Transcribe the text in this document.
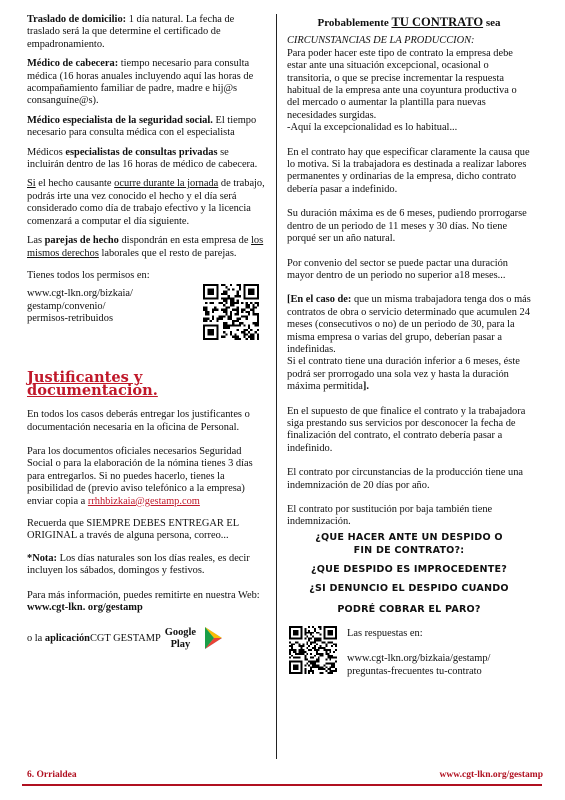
Traslado de domicilio: 1 día natural. La fecha de traslado será la que determine el certificado de empadronamiento.

Médico de cabecera: tiempo necesario para consulta médica (16 horas anuales incluyendo aquí las horas de acompañamiento familiar de padre, madre e hij@s consanguíne@s).

Médico especialista de la seguridad social. El tiempo necesario para consulta médica con el especialista

Médicos especialistas de consultas privadas se incluirán dentro de las 16 horas de médico de cabecera.

Si el hecho causante ocurre durante la jornada de trabajo, podrás irte una vez conocido el hecho y el día será considerado como día de trabajo efectivo y la licencia comenzará a computar el día siguiente.

Las parejas de hecho dispondrán en esta empresa de los mismos derechos laborales que el resto de parejas.

Tienes todos los permisos en:

www.cgt-lkn.org/bizkaia/
gestamp/convenio/
permisos-retribuidos
Justificantes y documentación.

En todos los casos deberás entregar los justificantes o documentación necesaria en la oficina de Personal.

Para los documentos oficiales necesarios Seguridad Social o para la elaboración de la nómina tienes 3 días para entregarlos. Si no puedes hacerlo, tienes la posibilidad de (previo aviso telefónico a la empresa) enviar copia a rrhhbizkaia@gestamp.com

Recuerda que SIEMPRE DEBES ENTREGAR EL ORIGINAL a través de alguna persona, correo...

*Nota: Los días naturales son los días reales, es decir incluyen los sábados, domingos y festivos.

Para más información, puedes remitirte en nuestra Web: www.cgt-lkn. org/gestamp

o la
aplicación CGT GESTAMP
Google
Play
Probablemente TU CONTRATO sea
CIRCUNSTANCIAS DE LA PRODUCCION:

Para poder hacer este tipo de contrato la empresa debe estar ante una situación excepcional, ocasional o transitoria, o que se precise incrementar la respuesta habitual de la empresa ante una coyuntura productiva o del mercado o aumentar la plantilla para nuevas necesidades surgidas.

-Aquí la excepcionalidad es lo habitual...

En el contrato hay que especificar claramente la causa que lo motiva. Si la trabajadora es destinada a realizar labores permanentes y ordinarias de la empresa, dicho contrato debería pasar a indefinido.

Su duración máxima es de 6 meses, pudiendo prorrogarse dentro de un periodo de 11 meses y 30 días. No tiene porqué ser un año natural.

Por convenio del sector se puede pactar una duración mayor dentro de un periodo no superior a18 meses...

[En el caso de: que un misma trabajadora tenga dos o más contratos de obra o servicio determinado que acumulen 24 meses (consecutivos o no) de un periodo de 30, para la misma empresa o varias del grupo, deberían pasar a indefinidas.
Si el contrato tiene una duración inferior a 6 meses, éste podrá ser prorrogado una sola vez y hasta la duración máxima permitida].

En el supuesto de que finalice el contrato y la trabajadora siga prestando sus servicios por desconocer la fecha de finalización del contrato, el contrato debería pasar a indefinido.

El contrato por circunstancias de la producción tiene una indemnización de 20 días por año.

El contrato por sustitución por baja también tiene indemnización.

¿QUE HACER ANTE UN DESPIDO O
FIN DE CONTRATO?:
¿QUE DESPIDO ES IMPROCEDENTE?
¿SI DENUNCIO EL DESPIDO CUANDO
PODRÉ COBRAR EL PARO?
Las respuestas en:
www.cgt-lkn.org/bizkaia/gestamp/
preguntas-frecuentes tu-contrato
6. Orrialdea	www.cgt-lkn.org/gestamp
